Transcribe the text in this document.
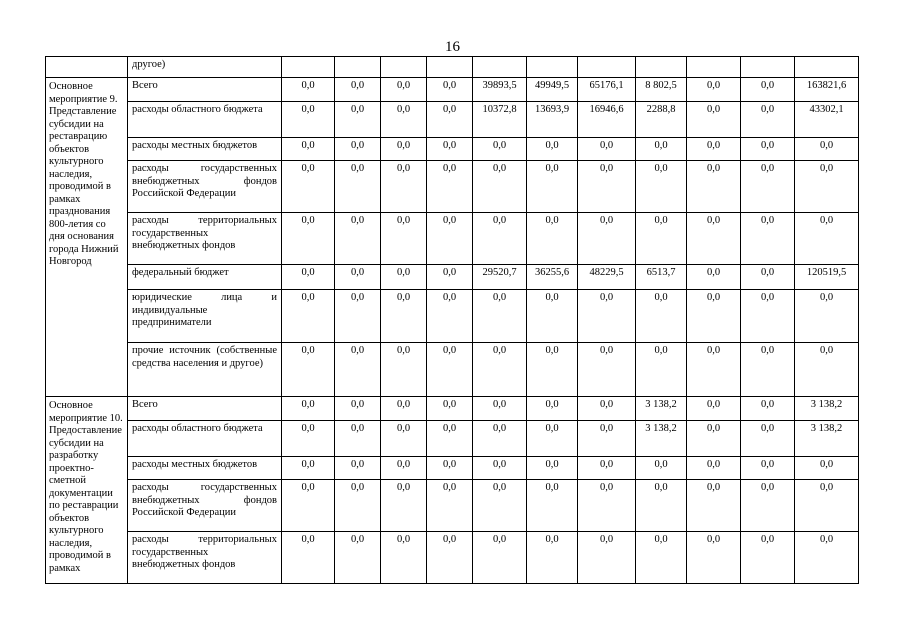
16
	другое)											
Основное мероприятие 9. Представление субсидии на реставрацию объектов культурного наследия, проводимой в рамках празднования 800-летия со дня основания города Нижний Новгород	Всего	0,0	0,0	0,0	0,0	39893,5	49949,5	65176,1	8 802,5	0,0	0,0	163821,6
	расходы областного бюджета	0,0	0,0	0,0	0,0	10372,8	13693,9	16946,6	2288,8	0,0	0,0	43302,1
	расходы местных бюджетов	0,0	0,0	0,0	0,0	0,0	0,0	0,0	0,0	0,0	0,0	0,0
	расходы государственных внебюджетных фондов Российской Федерации	0,0	0,0	0,0	0,0	0,0	0,0	0,0	0,0	0,0	0,0	0,0
	расходы территориальных государственных внебюджетных фондов	0,0	0,0	0,0	0,0	0,0	0,0	0,0	0,0	0,0	0,0	0,0
	федеральный бюджет	0,0	0,0	0,0	0,0	29520,7	36255,6	48229,5	6513,7	0,0	0,0	120519,5
	юридические лица и индивидуальные предприниматели	0,0	0,0	0,0	0,0	0,0	0,0	0,0	0,0	0,0	0,0	0,0
	прочие источник (собственные средства населения и другое)	0,0	0,0	0,0	0,0	0,0	0,0	0,0	0,0	0,0	0,0	0,0
Основное мероприятие 10. Предоставление субсидии на разработку проектно-сметной документации по реставрации объектов культурного наследия, проводимой в рамках	Всего	0,0	0,0	0,0	0,0	0,0	0,0	0,0	3 138,2	0,0	0,0	3 138,2
	расходы областного бюджета	0,0	0,0	0,0	0,0	0,0	0,0	0,0	3 138,2	0,0	0,0	3 138,2
	расходы местных бюджетов	0,0	0,0	0,0	0,0	0,0	0,0	0,0	0,0	0,0	0,0	0,0
	расходы государственных внебюджетных фондов Российской Федерации	0,0	0,0	0,0	0,0	0,0	0,0	0,0	0,0	0,0	0,0	0,0
	расходы территориальных государственных внебюджетных фондов	0,0	0,0	0,0	0,0	0,0	0,0	0,0	0,0	0,0	0,0	0,0
